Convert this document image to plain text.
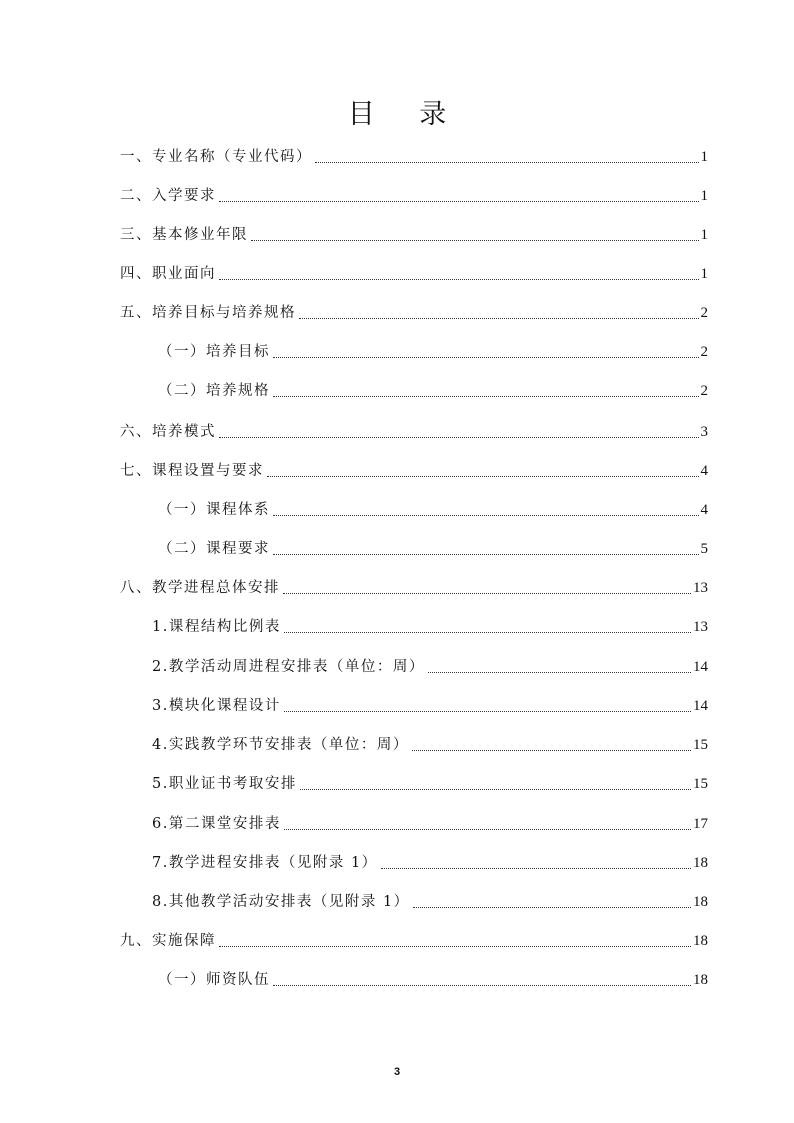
目 录
一、专业名称（专业代码）	1
二、入学要求	1
三、基本修业年限	1
四、职业面向	1
五、培养目标与培养规格	2
（一）培养目标	2
（二）培养规格	2
六、培养模式	3
七、课程设置与要求	4
（一）课程体系	4
（二）课程要求	5
八、教学进程总体安排	13
1.课程结构比例表	13
2.教学活动周进程安排表（单位：周）	14
3.模块化课程设计	14
4.实践教学环节安排表（单位：周）	15
5.职业证书考取安排	15
6.第二课堂安排表	17
7.教学进程安排表（见附录 1）	18
8.其他教学活动安排表（见附录 1）	18
九、实施保障	18
（一）师资队伍	18
3
